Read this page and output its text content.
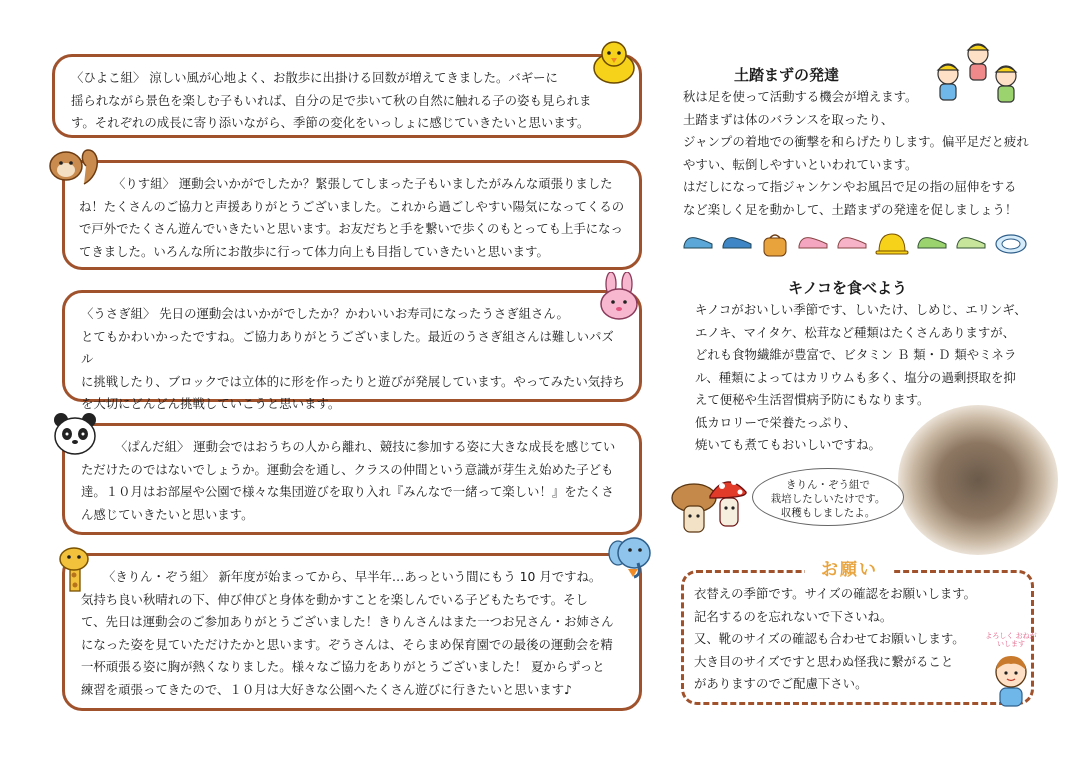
〈ひよこ組〉 涼しい風が心地よく、お散歩に出掛ける回数が増えてきました。バギーに
揺られながら景色を楽しむ子もいれば、自分の足で歩いて秋の自然に触れる子の姿も見られま
す。それぞれの成長に寄り添いながら、季節の変化をいっしょに感じていきたいと思います。

〈りす組〉 運動会いかがでしたか？緊張してしまった子もいましたがみんな頑張りました
ね！たくさんのご協力と声援ありがとうございました。これから過ごしやすい陽気になってくるの
で戸外でたくさん遊んでいきたいと思います。お友だちと手を繋いで歩くのもとっても上手になっ
てきました。いろんな所にお散歩に行って体力向上も目指していきたいと思います。

〈うさぎ組〉 先日の運動会はいかがでしたか？かわいいお寿司になったうさぎ組さん。
とてもかわいかったですね。ご協力ありがとうございました。最近のうさぎ組さんは難しいパズル
に挑戦したり、ブロックでは立体的に形を作ったりと遊びが発展しています。やってみたい気持ち
を大切にどんどん挑戦していこうと思います。

〈ぱんだ組〉 運動会ではおうちの人から離れ、競技に参加する姿に大きな成長を感じてい
ただけたのではないでしょうか。運動会を通し、クラスの仲間という意識が芽生え始めた子ども
達。１０月はお部屋や公園で様々な集団遊びを取り入れ『みんなで一緒って楽しい！』をたくさ
ん感じていきたいと思います。

〈きりん・ぞう組〉 新年度が始まってから、早半年…あっという間にもう 10 月ですね。
気持ち良い秋晴れの下、伸び伸びと身体を動かすことを楽しんでいる子どもたちです。そし
て、先日は運動会のご参加ありがとうございました！きりんさんはまた一つお兄さん・お姉さん
になった姿を見ていただけたかと思います。ぞうさんは、そらまめ保育園での最後の運動会を精
一杯頑張る姿に胸が熱くなりました。様々なご協力をありがとうございました！ 夏からずっと
練習を頑張ってきたので、１０月は大好きな公園へたくさん遊びに行きたいと思います♪

土踏まずの発達

秋は足を使って活動する機会が増えます。
土踏まずは体のバランスを取ったり、
ジャンプの着地での衝撃を和らげたりします。偏平足だと疲れ
やすい、転倒しやすいといわれています。
はだしになって指ジャンケンやお風呂で足の指の屈伸をする
など楽しく足を動かして、土踏まずの発達を促しましょう！

キノコを食べよう

キノコがおいしい季節です、しいたけ、しめじ、エリンギ、
エノキ、マイタケ、松茸など種類はたくさんありますが、
どれも食物繊維が豊富で、ビタミン Ｂ 類・Ｄ 類やミネラ
ル、種類によってはカリウムも多く、塩分の過剰摂取を抑
えて便秘や生活習慣病予防にもなります。
低カロリーで栄養たっぷり、
焼いても煮てもおいしいですね。

きりん・ぞう組で
栽培したしいたけです。
収穫もしましたよ。

衣替えの季節です。サイズの確認をお願いします。
記名するのを忘れないで下さいね。
又、靴のサイズの確認も合わせてお願いします。
大き目のサイズですと思わぬ怪我に繋がること
がありますのでご配慮下さい。

お願い
よろしく おねがいします
